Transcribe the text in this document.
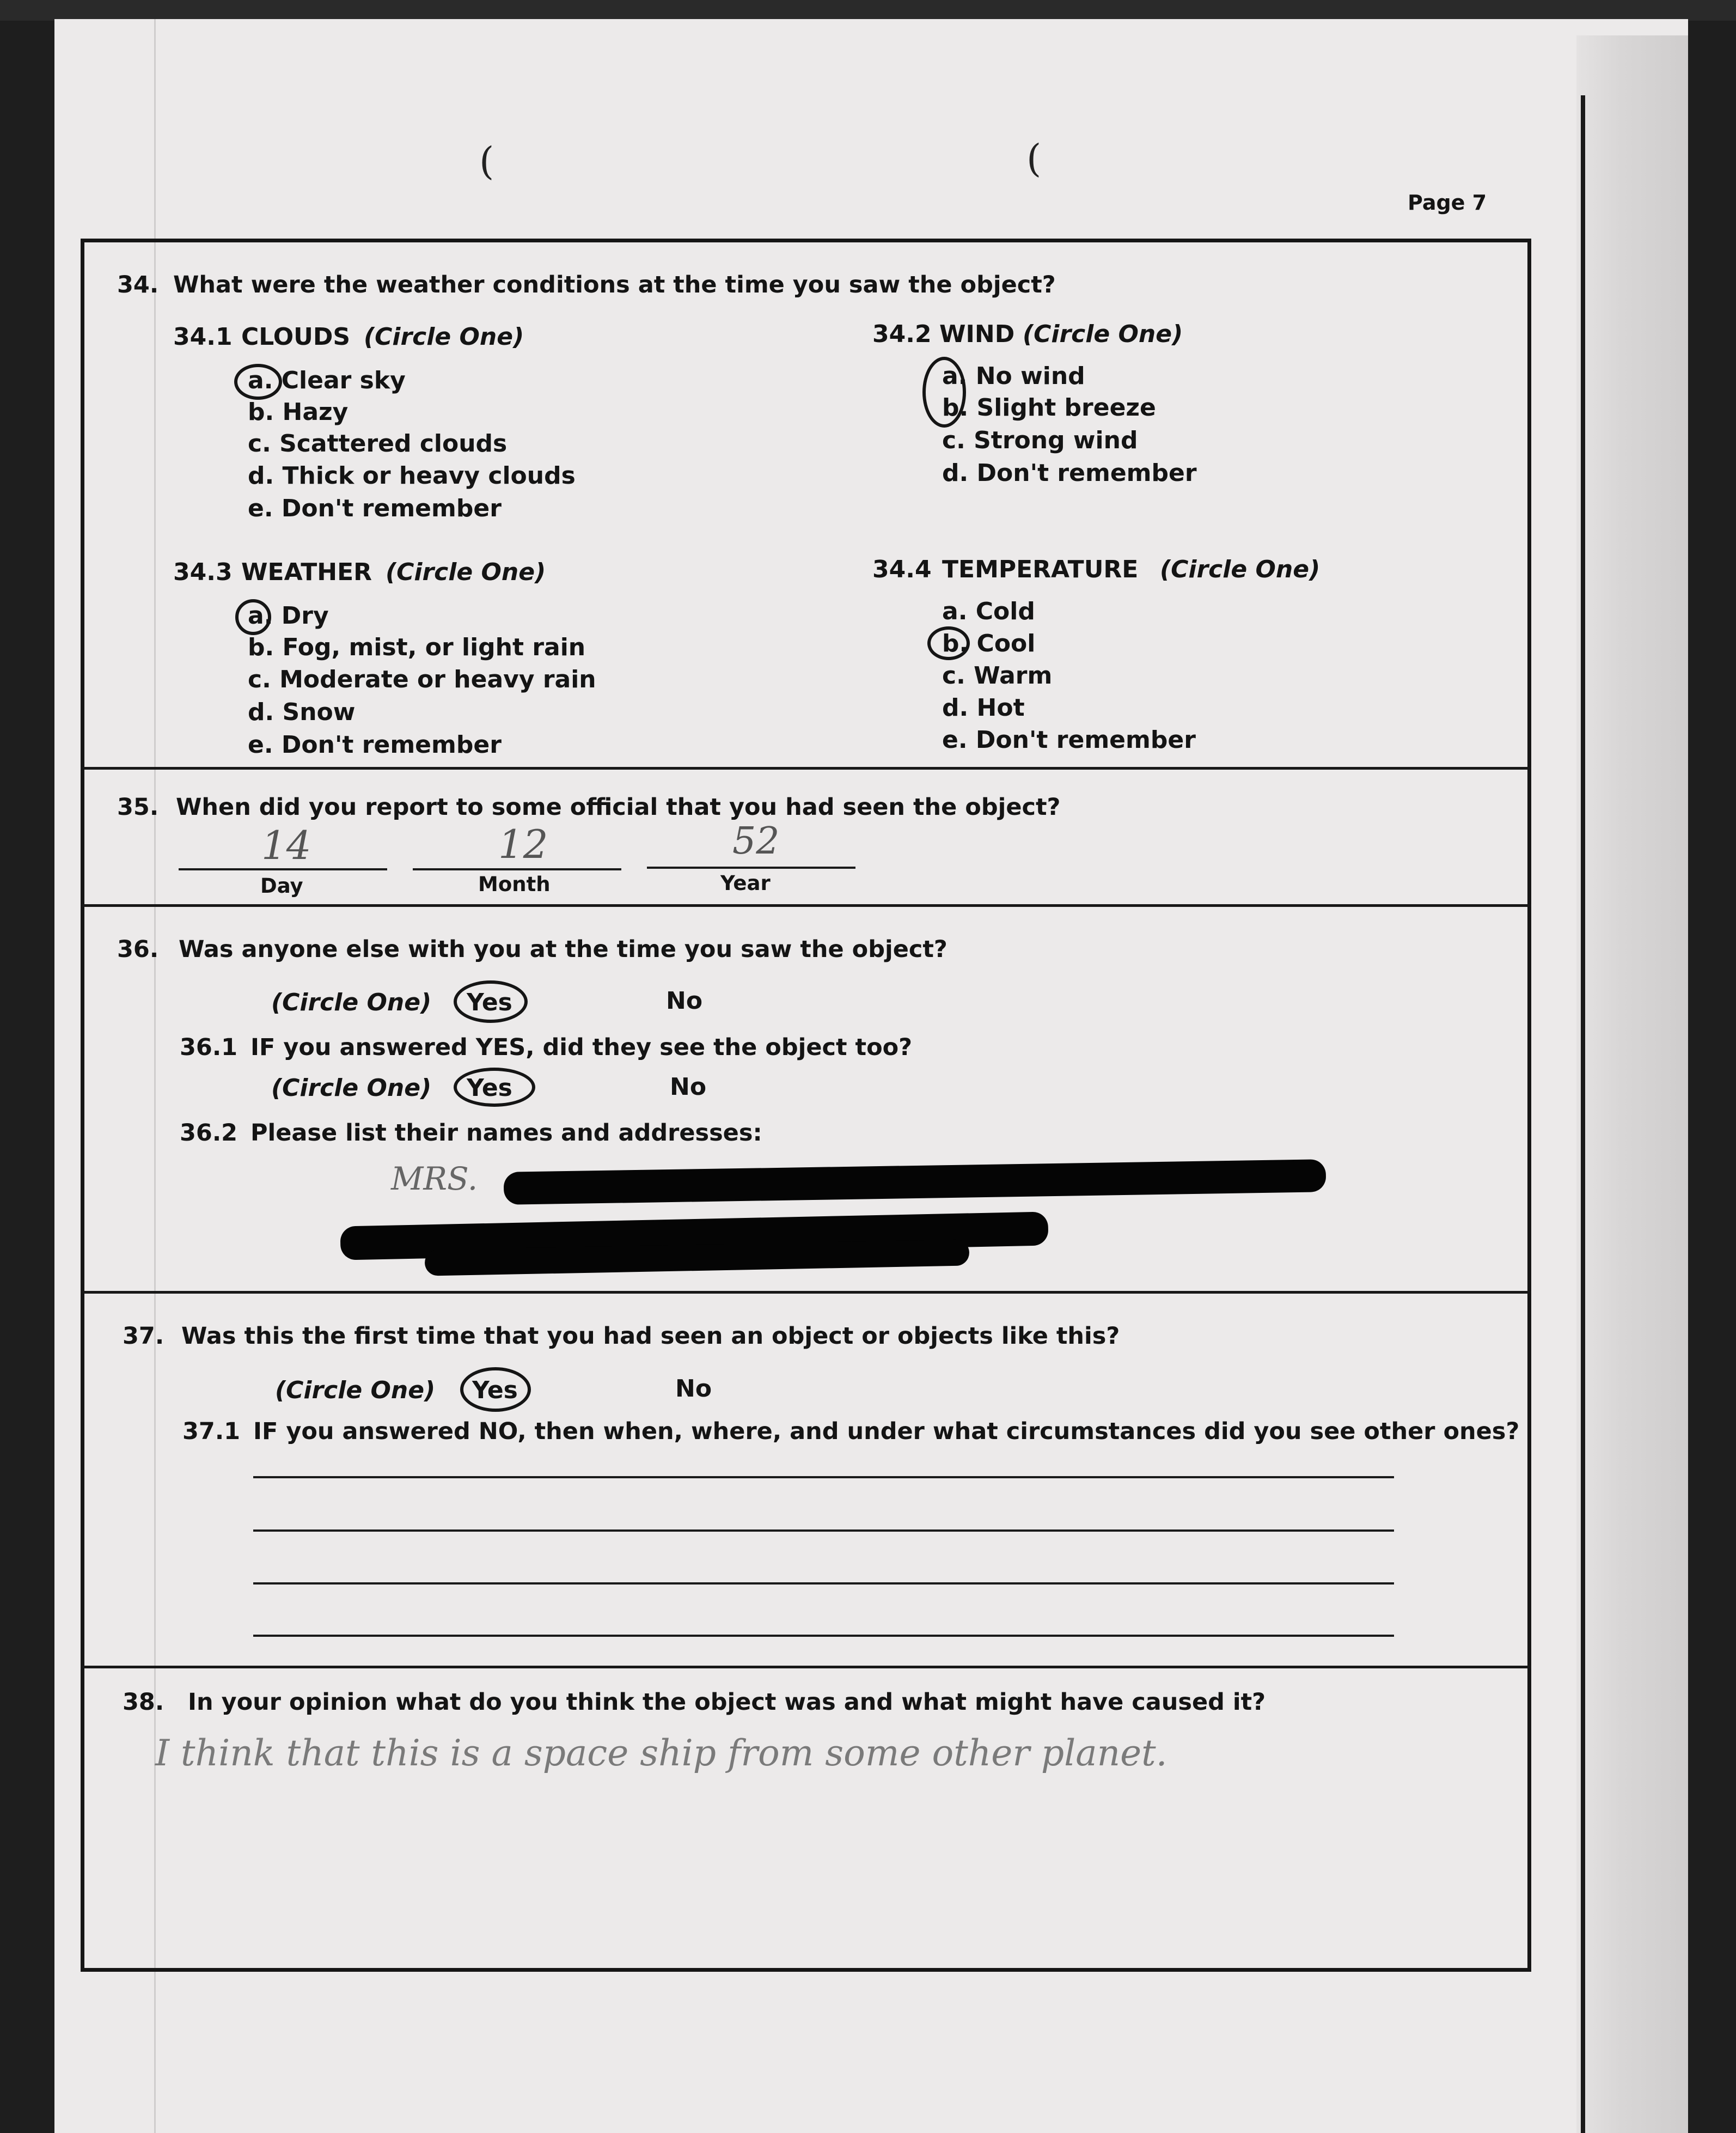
(	(
Page 7
34. What were the weather conditions at the time you saw the object?
34.1 CLOUDS (Circle One)
a. Clear sky
b. Hazy
c. Scattered clouds
d. Thick or heavy clouds
e. Don't remember
34.2 WIND (Circle One)
a. No wind
b. Slight breeze
c. Strong wind
d. Don't remember
34.3 WEATHER (Circle One)
a. Dry
b. Fog, mist, or light rain
c. Moderate or heavy rain
d. Snow
e. Don't remember
34.4 TEMPERATURE (Circle One)
a. Cold
b. Cool
c. Warm
d. Hot
e. Don't remember
35. When did you report to some official that you had seen the object?
14	12	52
Day	Month	Year
36. Was anyone else with you at the time you saw the object?
(Circle One) Yes	No
36.1 IF you answered YES, did they see the object too?
(Circle One) Yes	No
36.2 Please list their names and addresses:
MRS.
37. Was this the first time that you had seen an object or objects like this?
(Circle One) Yes	No
37.1 IF you answered NO, then when, where, and under what circumstances did you see other ones?
38. In your opinion what do you think the object was and what might have caused it?
I think that this is a space ship from some other planet.
